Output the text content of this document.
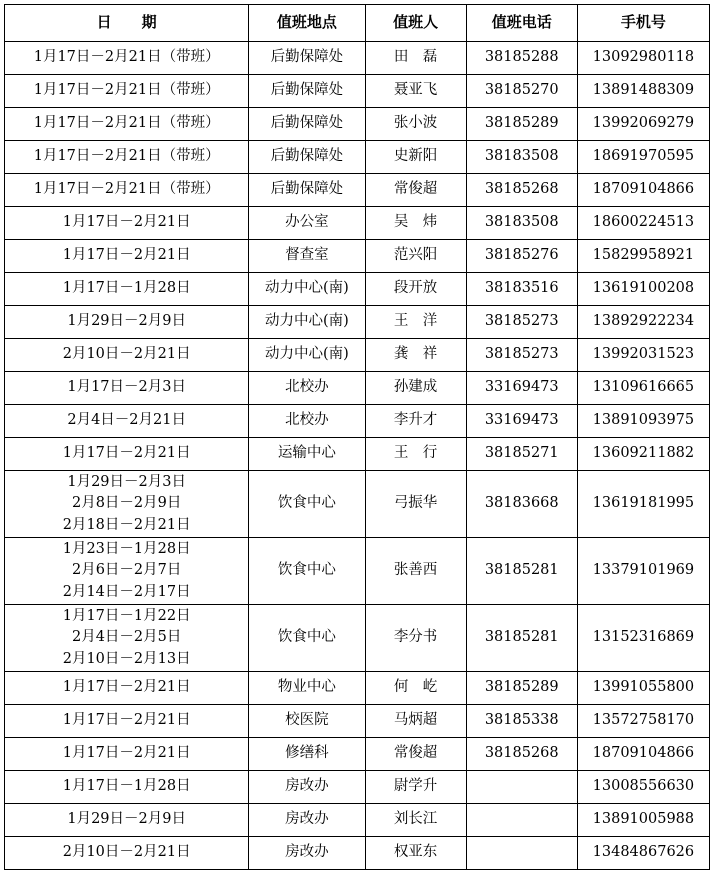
日　　期	值班地点	值班人	值班电话	手机号

1月17日－2月21日（带班）	后勤保障处	田　磊	38185288	13092980118

1月17日－2月21日（带班）	后勤保障处	聂亚飞	38185270	13891488309

1月17日－2月21日（带班）	后勤保障处	张小波	38185289	13992069279

1月17日－2月21日（带班）	后勤保障处	史新阳	38183508	18691970595

1月17日－2月21日（带班）	后勤保障处	常俊超	38185268	18709104866

1月17日－2月21日	办公室	吴　炜	38183508	18600224513

1月17日－2月21日	督查室	范兴阳	38185276	15829958921

1月17日－1月28日	动力中心(南)	段开放	38183516	13619100208

1月29日－2月9日	动力中心(南)	王　洋	38185273	13892922234

2月10日－2月21日	动力中心(南)	龚　祥	38185273	13992031523

1月17日－2月3日	北校办	孙建成	33169473	13109616665

2月4日－2月21日	北校办	李升才	33169473	13891093975

1月17日－2月21日	运输中心	王　行	38185271	13609211882

1月29日－2月3日
2月8日－2月9日
2月18日－2月21日	饮食中心	弓振华	38183668	13619181995

1月23日－1月28日
2月6日－2月7日
2月14日－2月17日	饮食中心	张善西	38185281	13379101969

1月17日－1月22日
2月4日－2月5日
2月10日－2月13日	饮食中心	李分书	38185281	13152316869

1月17日－2月21日	物业中心	何　屹	38185289	13991055800

1月17日－2月21日	校医院	马炳超	38185338	13572758170

1月17日－2月21日	修缮科	常俊超	38185268	18709104866

1月17日－1月28日	房改办	尉学升		13008556630

1月29日－2月9日	房改办	刘长江		13891005988

2月10日－2月21日	房改办	权亚东		13484867626
